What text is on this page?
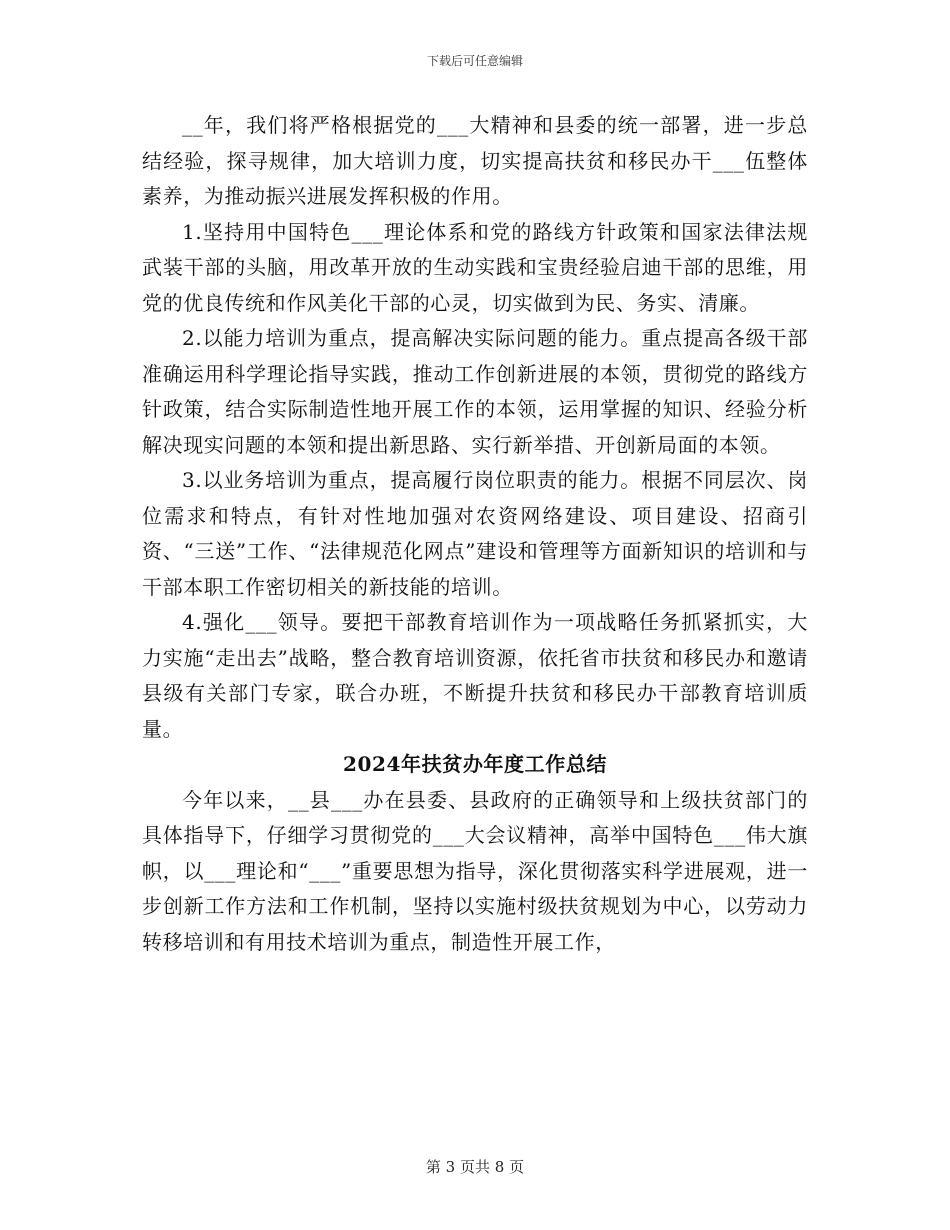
下载后可任意编辑

__年，我们将严格根据党的___大精神和县委的统一部署，进一步总结经验，探寻规律，加大培训力度，切实提高扶贫和移民办干___伍整体素养，为推动振兴进展发挥积极的作用。

1.坚持用中国特色___理论体系和党的路线方针政策和国家法律法规武装干部的头脑，用改革开放的生动实践和宝贵经验启迪干部的思维，用党的优良传统和作风美化干部的心灵，切实做到为民、务实、清廉。

2.以能力培训为重点，提高解决实际问题的能力。重点提高各级干部准确运用科学理论指导实践，推动工作创新进展的本领，贯彻党的路线方针政策，结合实际制造性地开展工作的本领，运用掌握的知识、经验分析解决现实问题的本领和提出新思路、实行新举措、开创新局面的本领。

3.以业务培训为重点，提高履行岗位职责的能力。根据不同层次、岗位需求和特点，有针对性地加强对农资网络建设、项目建设、招商引资、“三送”工作、“法律规范化网点”建设和管理等方面新知识的培训和与干部本职工作密切相关的新技能的培训。

4.强化___领导。要把干部教育培训作为一项战略任务抓紧抓实，大力实施“走出去”战略，整合教育培训资源，依托省市扶贫和移民办和邀请县级有关部门专家，联合办班，不断提升扶贫和移民办干部教育培训质量。

2024年扶贫办年度工作总结

今年以来，__县___办在县委、县政府的正确领导和上级扶贫部门的具体指导下，仔细学习贯彻党的___大会议精神，高举中国特色___伟大旗帜，以___理论和“___”重要思想为指导，深化贯彻落实科学进展观，进一步创新工作方法和工作机制，坚持以实施村级扶贫规划为中心，以劳动力转移培训和有用技术培训为重点，制造性开展工作，

第 3 页共 8 页
